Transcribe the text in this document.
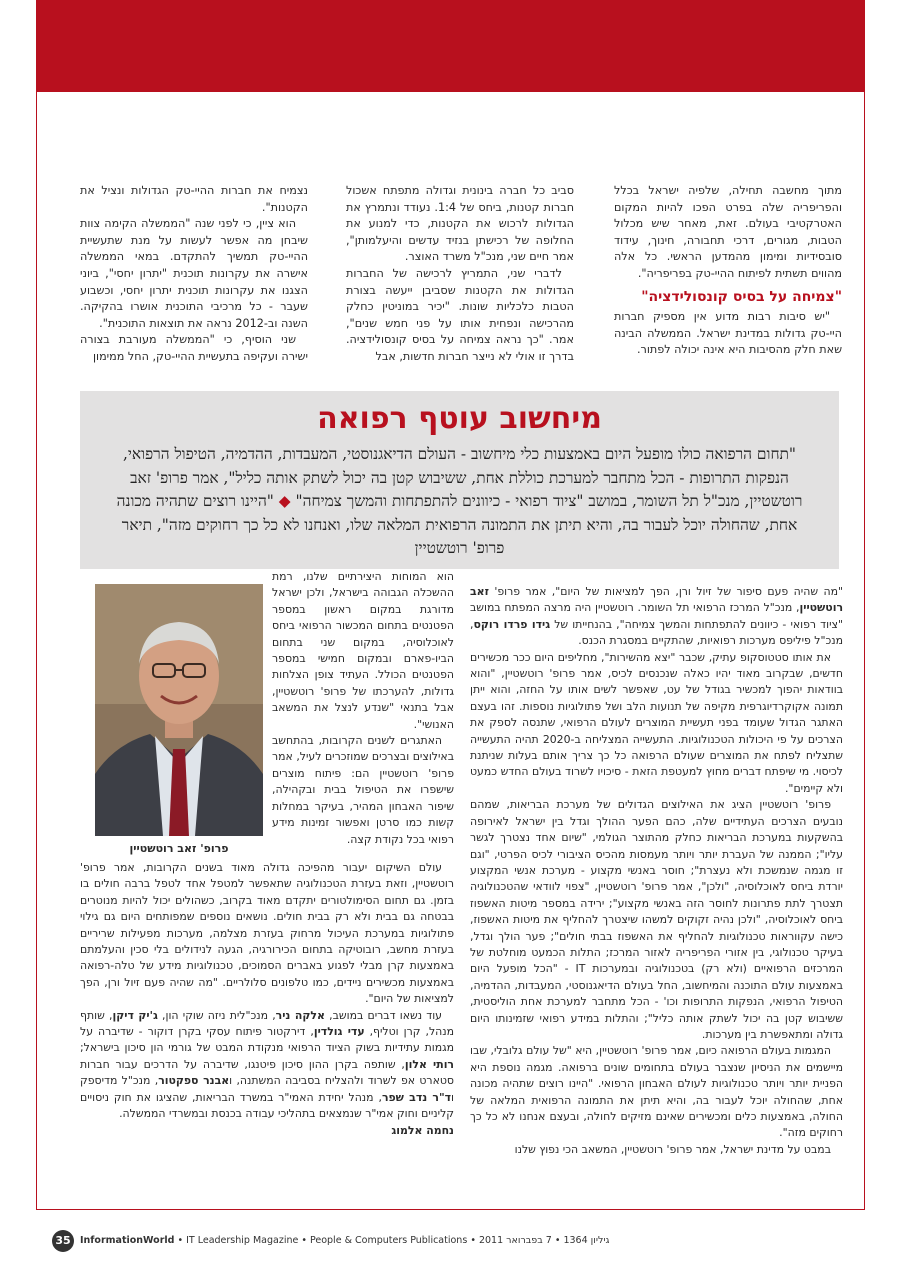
מתוך מחשבה תחילה, שלפיה ישראל בכלל והפריפריה שלה בפרט הפכו להיות המקום האטרקטיבי בעולם. זאת, מאחר שיש מכלול הטבות, מגורים, דרכי תחבורה, חינוך, עידוד סובסידיות ומימון מהמדען הראשי. כל אלה מהווים תשתית לפיתוח ההיי-טק בפריפריה".

"צמיחה על בסיס קונסולידציה"

"יש סיבות רבות מדוע אין מספיק חברות היי-טק גדולות במדינת ישראל. הממשלה הבינה שאת חלק מהסיבות היא אינה יכולה לפתור.

סביב כל חברה בינונית וגדולה מתפתח אשכול חברות קטנות, ביחס של 1:4. נעודד ונתמרץ את הגדולות לרכוש את הקטנות, כדי למנוע את החלופה של רכישתן בנזיד עדשים והיעלמותן", אמר חיים שני, מנכ"ל משרד האוצר.

לדברי שני, התמריץ לרכישה של החברות הגדולות את הקטנות שסביבן ייעשה בצורת הטבות כלכליות שונות. "יכיר במוניטין כחלק מהרכישה ונפחית אותו על פני חמש שנים", אמר. "כך נראה צמיחה על בסיס קונסולידציה. בדרך זו אולי לא נייצר חברות חדשות, אבל

נצמיח את חברות ההיי-טק הגדולות ונציל את הקטנות".

הוא ציין, כי לפני שנה "הממשלה הקימה צוות שיבחן מה אפשר לעשות על מנת שתעשיית ההיי-טק תמשיך להתקדם. במאי הממשלה אישרה את עקרונות תוכנית "יתרון יחסי", ביוני הצגנו את עקרונות תוכנית יתרון יחסי, וכשבוע שעבר - כל מרכיבי התוכנית אושרו בהקיקה. השנה וב-2012 נראה את תוצאות התוכנית".

שני הוסיף, כי "הממשלה מעורבת בצורה ישירה ועקיפה בתעשיית ההיי-טק, החל ממימון

מיחשוב עוטף רפואה
"תחום הרפואה כולו מופעל היום באמצעות כלי מיחשוב - העולם הדיאגנוסטי, המעבדות, ההדמיה, הטיפול הרפואי, הנפקות התרופות - הכל מתחבר למערכת כוללת אחת, ששיבוש קטן בה יכול לשתק אותה כליל", אמר פרופ' זאב רוטשטיין, מנכ"ל תל השומר, במושב "ציוד רפואי - כיוונים להתפתחות והמשך צמיחה" ◆ "היינו רוצים שתהיה מכונה אחת, שהחולה יוכל לעבור בה, והיא תיתן את התמונה הרפואית המלאה שלו, ואנחנו לא כל כך רחוקים מזה", תיאר פרופ' רוטשטיין

"מה שהיה פעם סיפור של זיול ורן, הפך למציאות של היום", אמר פרופ' זאב רוטשטיין, מנכ"ל המרכז הרפואי תל השומר. רוטשטיין היה מרצה המפתח במושב "ציוד רפואי - כיוונים להתפתחות והמשך צמיחה", בהנחייתו של גידו פרדו רוקס, מנכ"ל פיליפס מערכות רפואיות, שהתקיים במסגרת הכנס.

את אותו סטטוסקופ עתיק, שכבר "יצא מהשירות", מחליפים היום ככר מכשירים חדשים, שבקרוב מאוד יהיו כאלה שנכנסים לכיס, אמר פרופ' רוטשטיין, "והוא בוודאות יהפוך למכשיר בגודל של עט, שאפשר לשים אותו על החזה, והוא ייתן תמונה אקוקרדיוגרפית מקיפה של תנועות הלב ושל פתולוגיות נוספות. זהו בעצם האתגר הגדול שעומד בפני תעשיית המוצרים לעולם הרפואי, שתנסה לספק את הצרכים על פי היכולות הטכנולוגיות. התעשייה המצליחה ב-2020 תהיה התעשייה שתצליח לפתח את המוצרים שעולם הרפואה כל כך צריך אותם בעלות שניתנת לכיסוי. מי שיפתח דברים מחוץ למעטפת הזאת - סיכויו לשרוד בעולם החדש כמעט ולא קיימים".

פרופ' רוטשטיין הציג את האילוצים הגדולים של מערכת הבריאות, שמהם נובעים הצרכים העתידיים שלה, כהם הפער ההולך וגדל בין ישראל לאירופה בהשקעות במערכת הבריאות כחלק מהתוצר הגולמי, "שיום אחד נצטרך לגשר עליו"; הממנה של העברת יותר ויותר מעמסות מהכיס הציבורי לכיס הפרטי, "וגם זו מגמה שנמשכת ולא נעצרת"; חוסר באנשי מקצוע - מערכת אנשי המקצוע יורדת ביחס לאוכלוסיה, "ולכן", אמר פרופ' רוטשטיין, "צפוי לוודאי שהטכנולוגיה תצטרך לתת פתרונות לחוסר הזה באנשי מקצוע"; ירידה במספר מיטות האשפוז ביחס לאוכלוסיה, "ולכן נהיה זקוקים למשהו שיצטרך להחליף את מיטות האשפוז, כישה עקווראות טכנולוגיות להחליף את האשפוז בבתי חולים"; פער הולך וגדל, בעיקר טכנולוגי, בין אזורי הפריפריה לאזור המרכז; התלות הכמעט מוחלטת של המרכזים הרפואיים (ולא רק) בטכנולוגיה ובמערכות IT - "הכל מופעל היום באמצעות עולם התוכנה והמיחשוב, החל בעולם הדיאגנוסטי, המעבדות, ההדמיה, הטיפול הרפואי, הנפקות התרופות וכו' - הכל מתחבר למערכת אחת הוליסטית, ששיבוש קטן בה יכול לשתק אותה כליל"; והתלות במידע רפואי שזמינותו היום גדולה ומתאפשרת בין מערכות.

המגמות בעולם הרפואה כיום, אמר פרופ' רוטשטיין, היא "של עולם גלובלי, שבו מיישמים את הניסיון שנצבר בעולם בתחומים שונים ברפואה. מגמה נוספת היא הפניית יותר ויותר טכנולוגיות לעולם האבחון הרפואי. "היינו רוצים שתהיה מכונה אחת, שהחולה יוכל לעבור בה, והיא תיתן את התמונה הרפואית המלאה של החולה, באמצעות כלים ומכשירים שאינם מזיקים לחולה, ובעצם אנחנו לא כל כך רחוקים מזה".

במבט על מדינת ישראל, אמר פרופ' רוטשטיין, המשאב הכי נפוץ שלנו

פרופ' זאב רוטשטיין

הוא המוחות היצירתיים שלנו, רמת ההשכלה הגבוהה בישראל, ולכן ישראל מדורגת במקום ראשון במספר הפטנטים בתחום המכשור הרפואי ביחס לאוכלוסיה, במקום שני בתחום הביו-פארם ובמקום חמישי במספר הפטנטים הכולל. העתיד צופן הצלחות גדולות, להערכתו של פרופ' רוטשטיין, אבל בתנאי "שנדע לנצל את המשאב האנושי".

האתגרים לשנים הקרובות, בהתחשב באילוצים ובצרכים שמוזכרים לעיל, אמר פרופ' רוטשטיין הם: פיתוח מוצרים שישפרו את הטיפול בבית ובקהילה, שיפור האבחון המהיר, בעיקר במחלות קשות כמו סרטן ואפשור זמינות מידע רפואי בכל נקודת קצה.

עולם השיקום יעבור מהפיכה גדולה מאוד בשנים הקרובות, אמר פרופ' רוטשטיין, וזאת בעזרת הטכנולוגיה שתאפשר למטפל אחד לטפל ברבה חולים בו בזמן. גם תחום הסימולטורים יתקדם מאוד בקרוב, כשהולים יכול להיות מנוטרים בבטחה גם בבית ולא רק בבית חולים. נושאים נוספים שמפותחים היום גם גילוי פתולוגיות במערכת העיכול מרחוק בעזרת מצלמה, מערכות מפעילות שריריים בעזרת מחשב, רובוטיקה בתחום הכירורגיה, הגעה לנידולים בלי סכין והעלמתם באמצעות קרן מבלי לפגוע באברים הסמוכים, טכנולוגיות מידע של טלה-רפואה באמצעות מכשירים ניידים, כמו טלפונים סלולריים. "מה שהיה פעם זיול ורן, הפך למציאות של היום".

עוד נשאו דברים במושב, אלקה ניר, מנכ"לית ניזה שוקי הון, ג'יק דיקן, שותף מנהל, קרן וטליף, עדי גולדין, דירקטור פיתוח עסקי בקרן דוקור - שדיברה על מגמות עתידיות בשוק הציוד הרפואי מנקודת המבט של גורמי הון סיכון בישראל; רותי אלון, שותפה בקרן ההון סיכון פיטנגו, שדיברה על הדרכים עבור חברות סטארט אפ לשרוד ולהצליח בסביבה המשתנה, ואבנר ספקטור, מנכ"ל מדיספק וד"ר נדב שפר, מנהל יחידת האמי"ר במשרד הבריאות, שהציגו את חוק ניסויים קליניים וחוק אמי"ר שנמצאים בתהליכי עבודה בכנסת ובמשרדי הממשלה.

נחמה אלמוג

35 InformationWorld • IT Leadership Magazine • People & Computers Publications • גיליון 1364 • 7 בפברואר 2011
